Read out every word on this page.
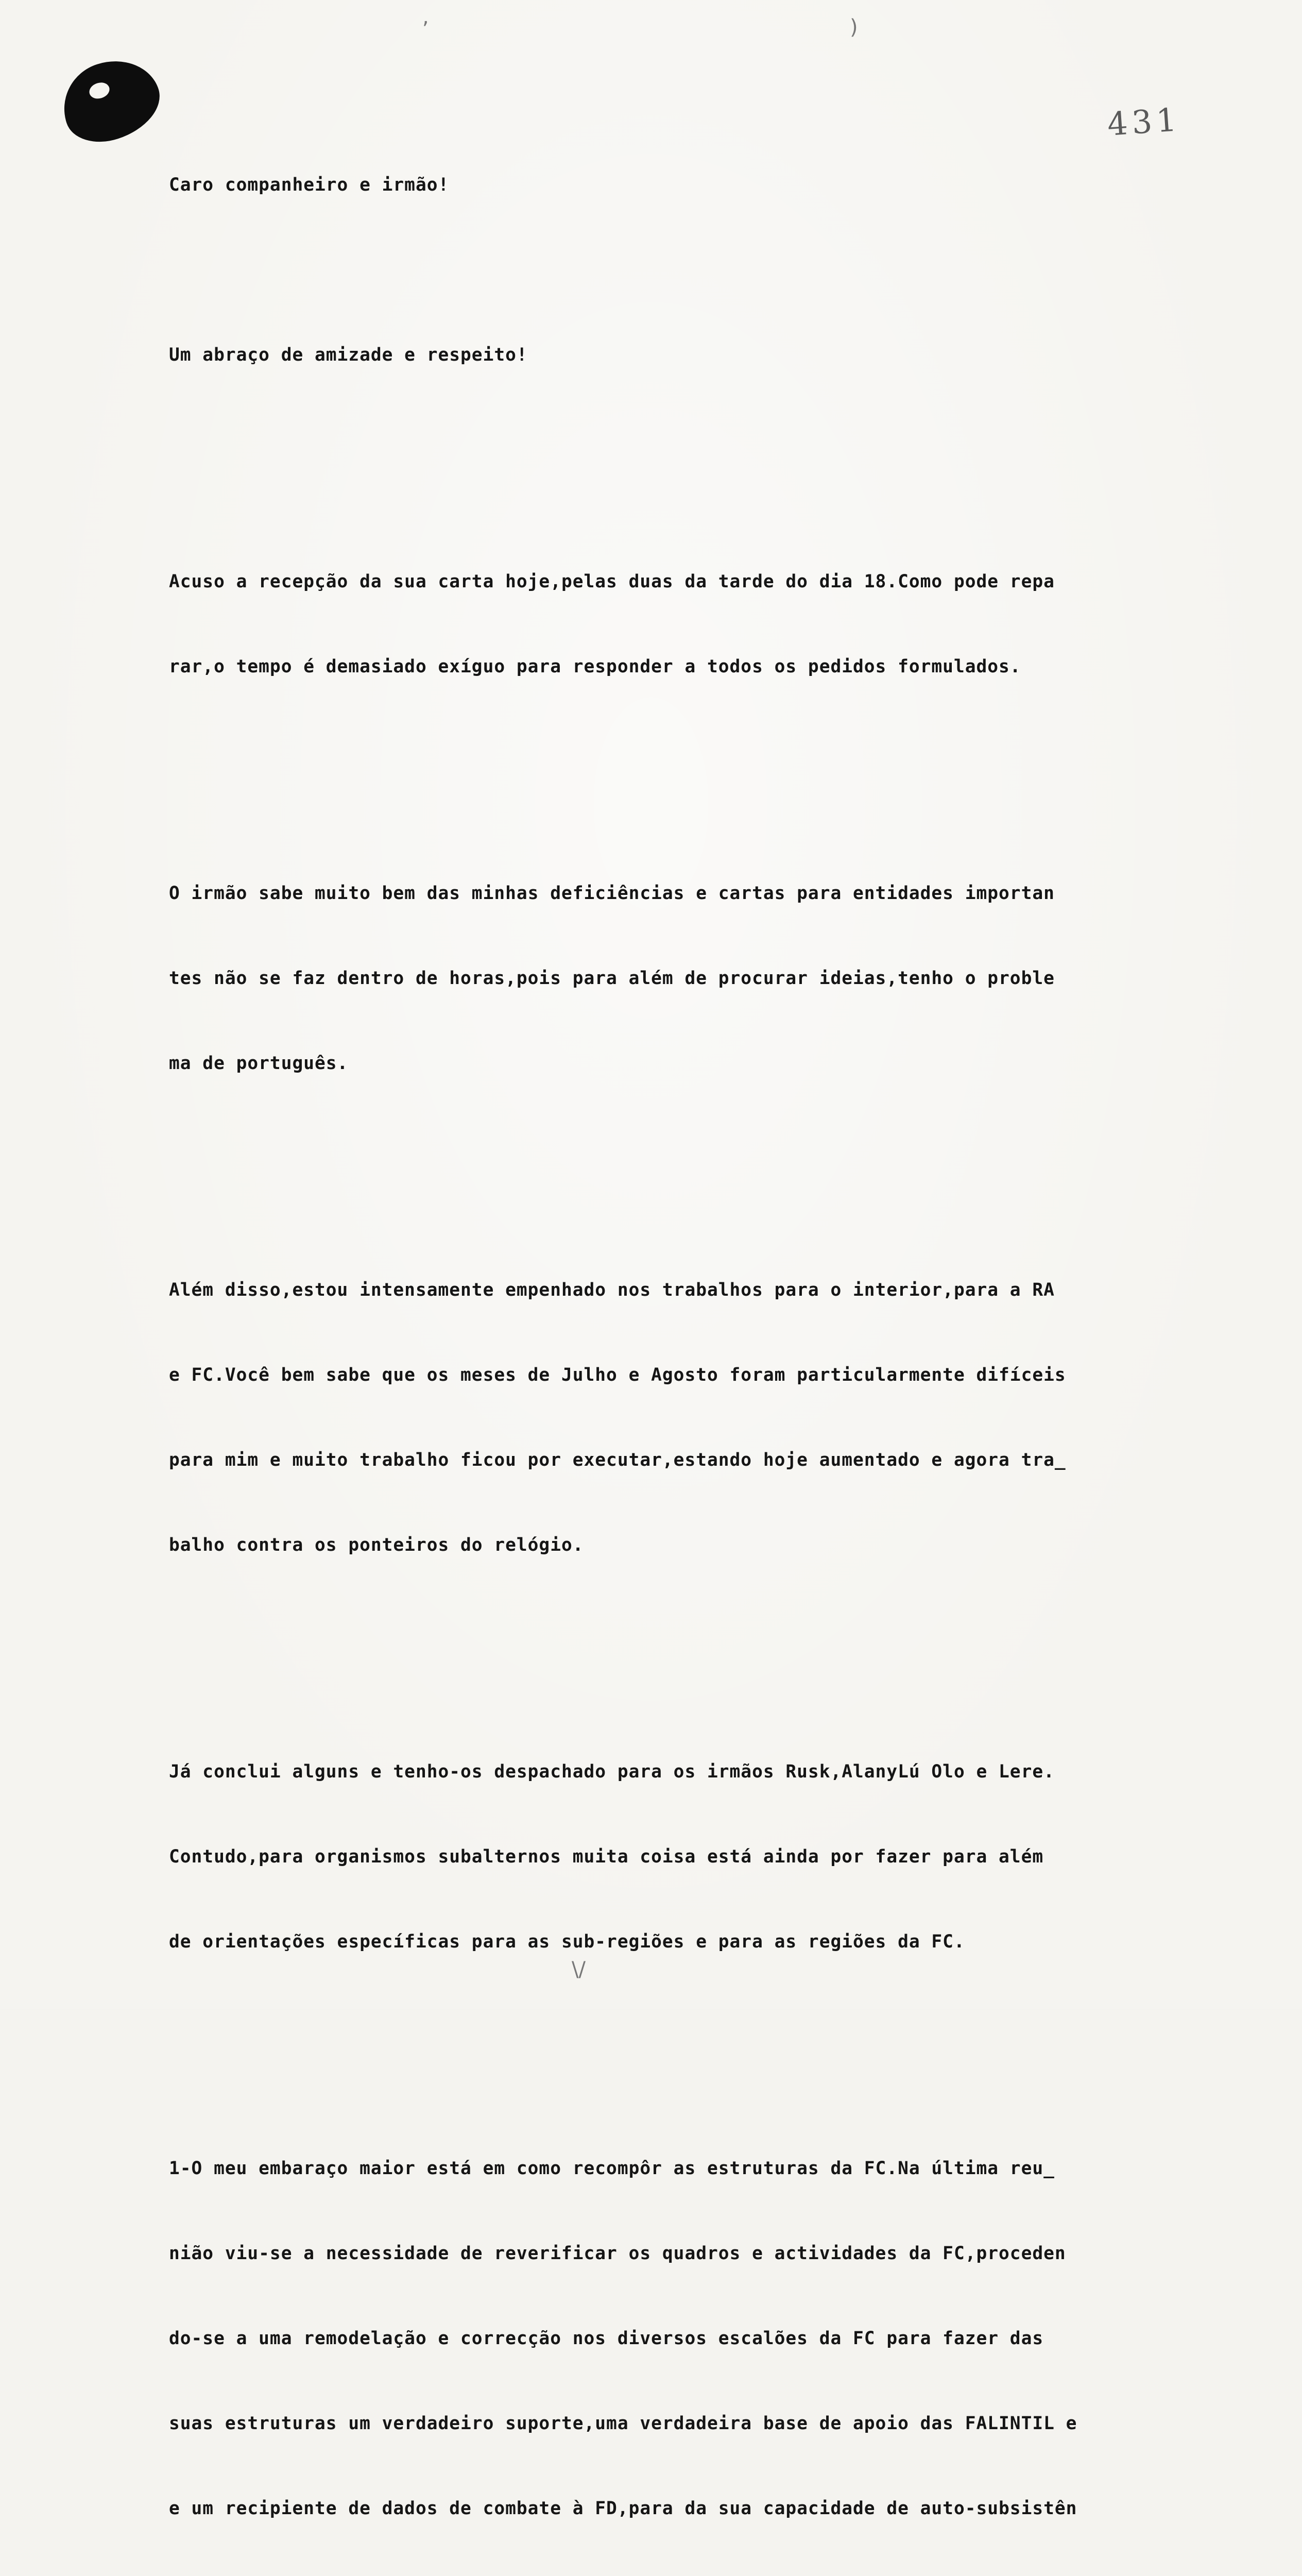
431
,	)
\/

Caro companheiro e irmão!

Um abraço de amizade e respeito!

Acuso a recepção da sua carta hoje,pelas duas da tarde do dia 18.Como pode repa

rar,o tempo é demasiado exíguo para responder a todos os pedidos formulados.

O irmão sabe muito bem das minhas deficiências e cartas para entidades importan

tes não se faz dentro de horas,pois para além de procurar ideias,tenho o proble

ma de português.

Além disso,estou intensamente empenhado nos trabalhos para o interior,para a RA

e FC.Você bem sabe que os meses de Julho e Agosto foram particularmente difíceis

para mim e muito trabalho ficou por executar,estando hoje aumentado e agora tra_

balho contra os ponteiros do relógio.

Já conclui alguns e tenho-os despachado para os irmãos Rusk,AlanyLú Olo e Lere.

Contudo,para organismos subalternos muita coisa está ainda por fazer para além

de orientações específicas para as sub-regiões e para as regiões da FC.

1-O meu embaraço maior está em como recompôr as estruturas da FC.Na última reu_

nião viu-se a necessidade de reverificar os quadros e actividades da FC,proceden

do-se a uma remodelação e correcção nos diversos escalões da FC para fazer das

suas estruturas um verdadeiro suporte,uma verdadeira base de apoio das FALINTIL e

e um recipiente de dados de combate à FD,para da sua capacidade de auto-subsistên
